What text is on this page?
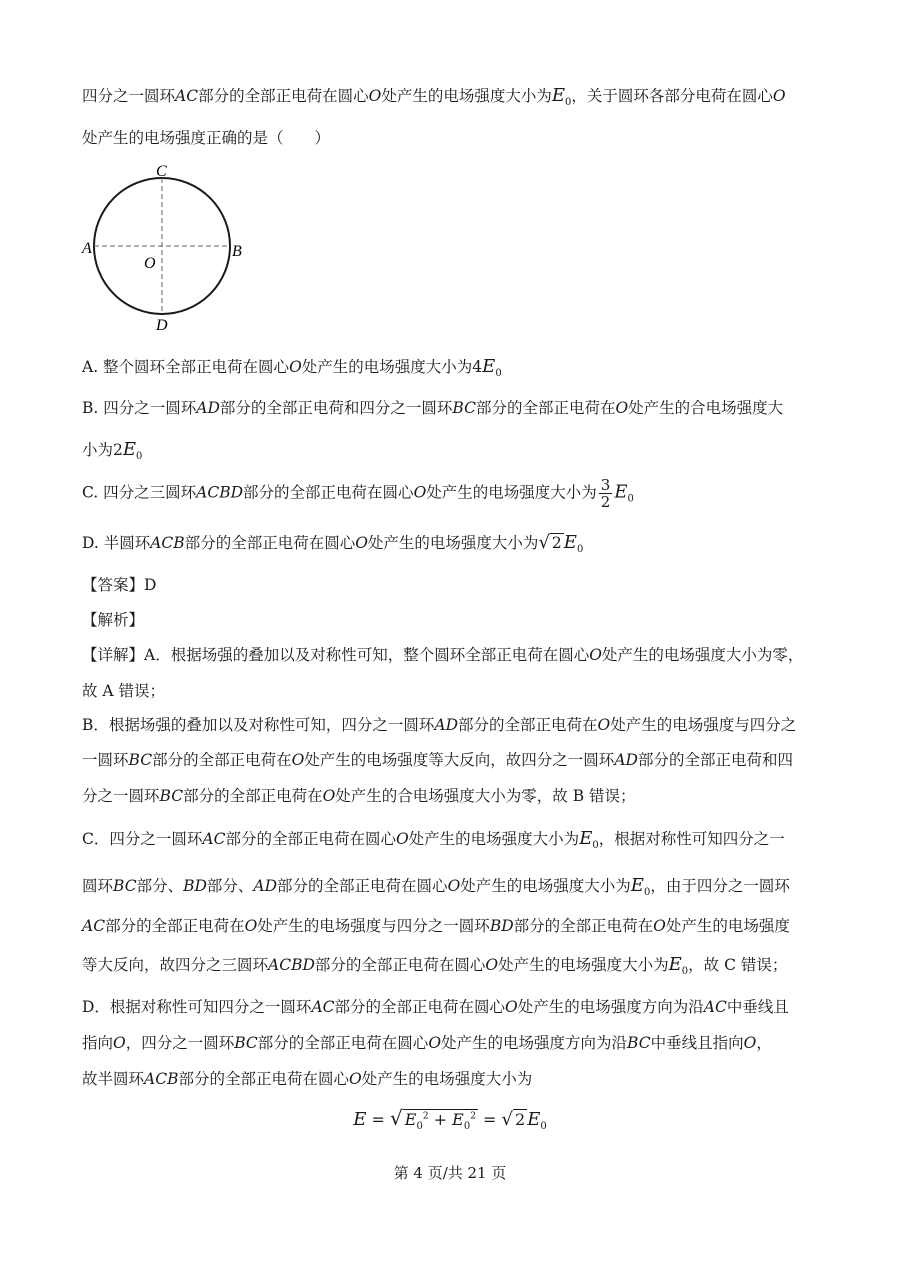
四分之一圆环AC部分的全部正电荷在圆心O处产生的电场强度大小为$E_0$，关于圆环各部分电荷在圆心O
处产生的电场强度正确的是（　　）
C
A	B
O
D
A. 整个圆环全部正电荷在圆心O处产生的电场强度大小为$4E_0$
B. 四分之一圆环AD部分的全部正电荷和四分之一圆环BC部分的全部正电荷在O处产生的合电场强度大
小为$2E_0$
C. 四分之三圆环ACBD部分的全部正电荷在圆心O处产生的电场强度大小为 $\frac{3}{2} E_0$
D. 半圆环ACB部分的全部正电荷在圆心O处产生的电场强度大小为√ 2 $E_0$
【答案】D
【解析】
【详解】A．根据场强的叠加以及对称性可知，整个圆环全部正电荷在圆心O处产生的电场强度大小为零，
故 A 错误；
B．根据场强的叠加以及对称性可知，四分之一圆环AD部分的全部正电荷在O处产生的电场强度与四分之
一圆环BC部分的全部正电荷在O处产生的电场强度等大反向，故四分之一圆环AD部分的全部正电荷和四
分之一圆环BC部分的全部正电荷在O处产生的合电场强度大小为零，故 B 错误；
C．四分之一圆环AC部分的全部正电荷在圆心O处产生的电场强度大小为$E_0$，根据对称性可知四分之一
圆环BC部分、BD部分、AD部分的全部正电荷在圆心O处产生的电场强度大小为$E_0$，由于四分之一圆环
AC部分的全部正电荷在O处产生的电场强度与四分之一圆环BD部分的全部正电荷在O处产生的电场强度
等大反向，故四分之三圆环ACBD部分的全部正电荷在圆心O处产生的电场强度大小为$E_0$，故 C 错误；
D．根据对称性可知四分之一圆环AC部分的全部正电荷在圆心O处产生的电场强度方向为沿AC中垂线且
指向O，四分之一圆环BC部分的全部正电荷在圆心O处产生的电场强度方向为沿BC中垂线且指向O，
故半圆环ACB部分的全部正电荷在圆心O处产生的电场强度大小为
E = √ $E_0^2 + E_0^2$ = √ 2 $E_0$
第 4 页/共 21 页
